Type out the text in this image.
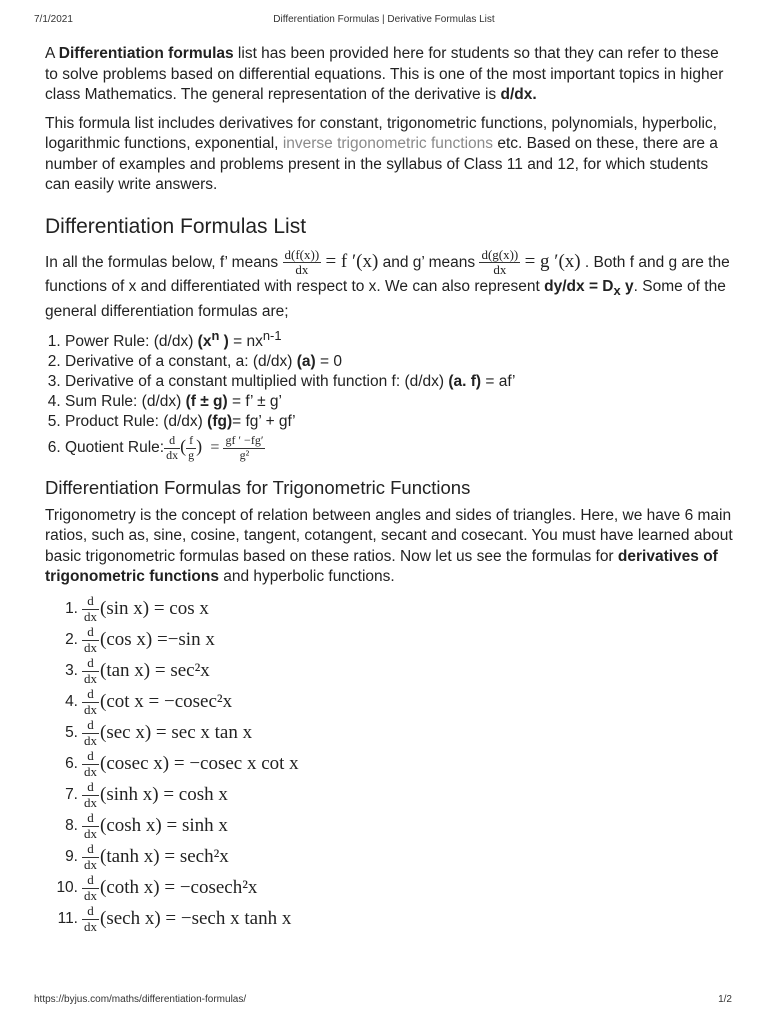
7/1/2021	Differentiation Formulas | Derivative Formulas List

A Differentiation formulas list has been provided here for students so that they can refer to these to solve problems based on differential equations. This is one of the most important topics in higher class Mathematics. The general representation of the derivative is d/dx.

This formula list includes derivatives for constant, trigonometric functions, polynomials, hyperbolic, logarithmic functions, exponential, inverse trigonometric functions etc. Based on these, there are a number of examples and problems present in the syllabus of Class 11 and 12, for which students can easily write answers.

Differentiation Formulas List

In all the formulas below, f’ means $\frac{d(f(x))}{dx} = f$ ′(x) and g’ means $\frac{d(g(x))}{dx} = g$ ′(x) . Both f and g are the functions of x and differentiated with respect to x. We can also represent $dy/dx = D_x$ y. Some of the general differentiation formulas are;

1. Power Rule: (d/dx) ($x^n$ ) = $nx^{n-1}$
2. Derivative of a constant, a: (d/dx) (a) = 0
3. Derivative of a constant multiplied with function f: (d/dx) (a. f) = af’
4. Sum Rule: (d/dx) (f ± g) = f’ ± g’
5. Product Rule: (d/dx) (fg)= fg’ + gf’
6. Quotient Rule: $\frac{d}{dx}$ ( $\frac{f}{g}$ ) = $\frac{gf ' -fg'}{\text{g²}}$
Differentiation Formulas for Trigonometric Functions

Trigonometry is the concept of relation between angles and sides of triangles. Here, we have 6 main ratios, such as, sine, cosine, tangent, cotangent, secant and cosecant. You must have learned about basic trigonometric formulas based on these ratios. Now let us see the formulas for derivatives of trigonometric functions and hyperbolic functions.

1. $\frac{d}{dx} (\sin$ x) = cos x
2. $\frac{d}{dx} (\cos$ x) =−sin x
3. $\frac{d}{dx} (\tan$ x) = sec²x
4. $\frac{d}{dx} (\cot$ x = −cosec²x
5. $\frac{d}{dx} (\sec$ x) = sec x tan x
6. $\frac{d}{dx} (cosec$ x) = −cosec x cot x
7. $\frac{d}{dx} (\sinh$ x) = cosh x
8. $\frac{d}{dx} (\cosh$ x) = sinh x
9. $\frac{d}{dx} (\tanh$ x) = sech²x
10. $\frac{d}{dx} (\cot h$ x) = −cosech²x
11. $\frac{d}{dx} (\sec h$ x) = −sech x tanh x
https://byjus.com/maths/differentiation-formulas/	1/2
